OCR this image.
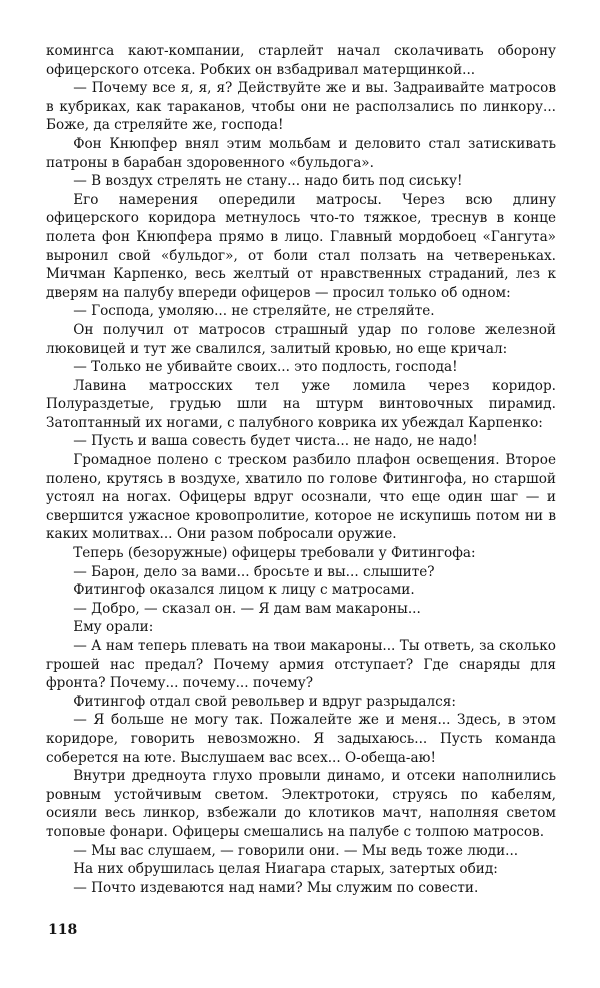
комингса кают-компании, старлейт начал сколачивать оборону офицерского отсека. Робких он взбадривал матерщинкой...

— Почему все я, я, я? Действуйте же и вы. Задраивайте матросов в кубриках, как тараканов, чтобы они не расползались по линкору... Боже, да стреляйте же, господа!

Фон Кнюпфер внял этим мольбам и деловито стал затискивать патроны в барабан здоровенного «бульдога».

— В воздух стрелять не стану... надо бить под сиську!

Его намерения опередили матросы. Через всю длину офицерского коридора метнулось что-то тяжкое, треснув в конце полета фон Кнюпфера прямо в лицо. Главный мордобоец «Гангута» выронил свой «бульдог», от боли стал ползать на четвереньках. Мичман Карпенко, весь желтый от нравственных страданий, лез к дверям на палубу впереди офицеров — просил только об одном:

— Господа, умоляю... не стреляйте, не стреляйте.

Он получил от матросов страшный удар по голове железной люковицей и тут же свалился, залитый кровью, но еще кричал:

— Только не убивайте своих... это подлость, господа!

Лавина матросских тел уже ломила через коридор. Полураздетые, грудью шли на штурм винтовочных пирамид. Затоптанный их ногами, с палубного коврика их убеждал Карпенко:

— Пусть и ваша совесть будет чиста... не надо, не надо!

Громадное полено с треском разбило плафон освещения. Второе полено, крутясь в воздухе, хватило по голове Фитингофа, но старшой устоял на ногах. Офицеры вдруг осознали, что еще один шаг — и свершится ужасное кровопролитие, которое не искупишь потом ни в каких молитвах... Они разом побросали оружие.

Теперь (безоружные) офицеры требовали у Фитингофа:

— Барон, дело за вами... бросьте и вы... слышите?

Фитингоф оказался лицом к лицу с матросами.

— Добро, — сказал он. — Я дам вам макароны...

Ему орали:

— А нам теперь плевать на твои макароны... Ты ответь, за сколько грошей нас предал? Почему армия отступает? Где снаряды для фронта? Почему... почему... почему?

Фитингоф отдал свой револьвер и вдруг разрыдался:

— Я больше не могу так. Пожалейте же и меня... Здесь, в этом коридоре, говорить невозможно. Я задыхаюсь... Пусть команда соберется на юте. Выслушаем вас всех... О-обеща-аю!

Внутри дредноута глухо провыли динамо, и отсеки наполнились ровным устойчивым светом. Электротоки, струясь по кабелям, осияли весь линкор, взбежали до клотиков мачт, наполняя светом топовые фонари. Офицеры смешались на палубе с толпою матросов.

— Мы вас слушаем, — говорили они. — Мы ведь тоже люди...

На них обрушилась целая Ниагара старых, затертых обид:

— Почто издеваются над нами? Мы служим по совести.

118
